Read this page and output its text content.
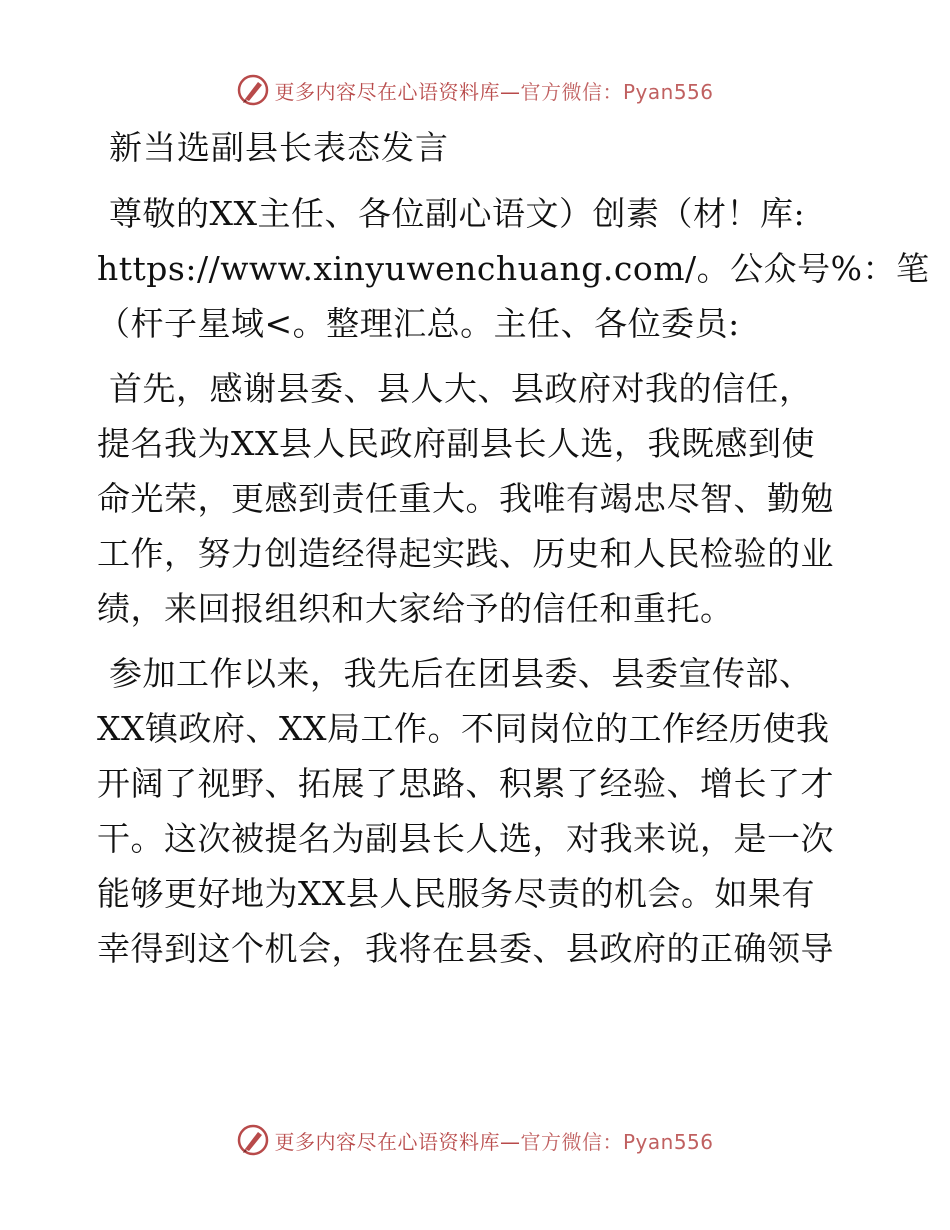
更多内容尽在心语资料库—官方微信：Pyan556
新当选副县长表态发言

尊敬的XX主任、各位副心语文）创素（材！库:
https://www.xinyuwenchuang.com/。公众号%：笔
（杆子星域<。整理汇总。主任、各位委员:

首先，感谢县委、县人大、县政府对我的信任，
提名我为XX县人民政府副县长人选，我既感到使
命光荣，更感到责任重大。我唯有竭忠尽智、勤勉
工作，努力创造经得起实践、历史和人民检验的业
绩，来回报组织和大家给予的信任和重托。

参加工作以来，我先后在团县委、县委宣传部、
XX镇政府、XX局工作。不同岗位的工作经历使我
开阔了视野、拓展了思路、积累了经验、增长了才
干。这次被提名为副县长人选，对我来说，是一次
能够更好地为XX县人民服务尽责的机会。如果有
幸得到这个机会，我将在县委、县政府的正确领导

更多内容尽在心语资料库—官方微信：Pyan556
